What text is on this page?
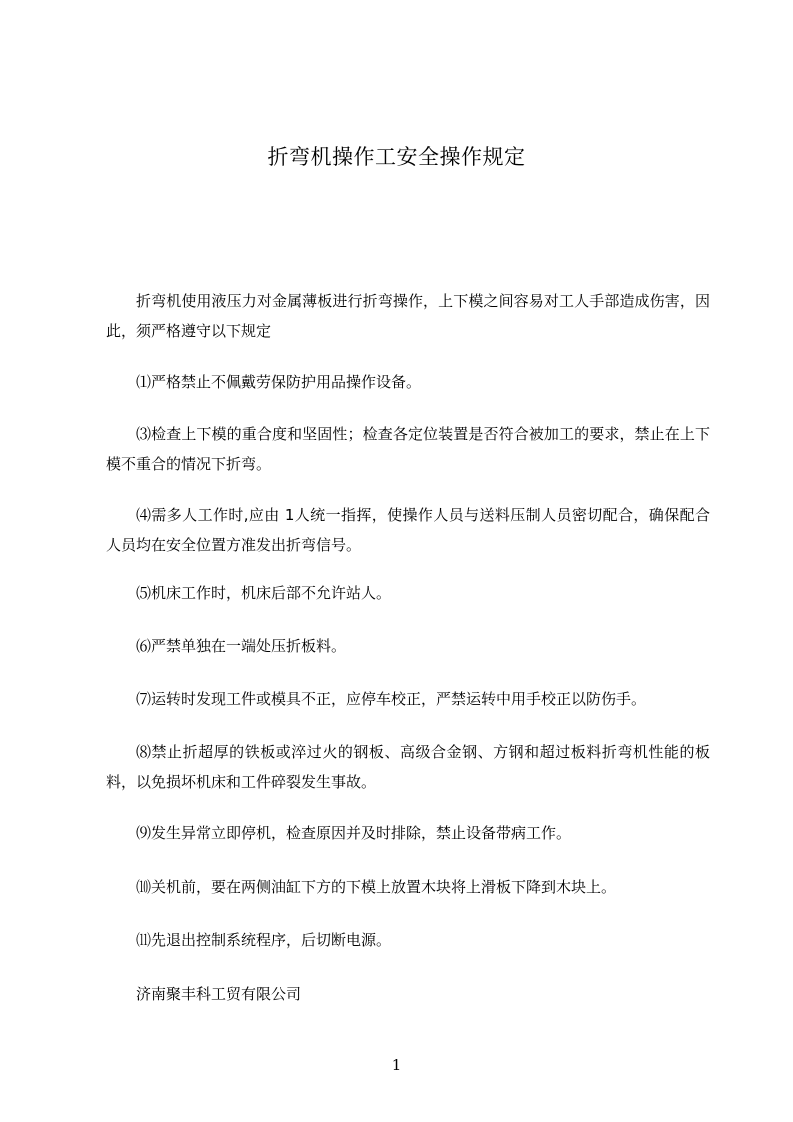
折弯机操作工安全操作规定
折弯机使用液压力对金属薄板进行折弯操作，上下模之间容易对工人手部造成伤害，因此，须严格遵守以下规定
⑴严格禁止不佩戴劳保防护用品操作设备。
⑶检查上下模的重合度和坚固性；检查各定位装置是否符合被加工的要求，禁止在上下模不重合的情况下折弯。
⑷需多人工作时,应由 1人统一指挥，使操作人员与送料压制人员密切配合，确保配合人员均在安全位置方准发出折弯信号。
⑸机床工作时，机床后部不允许站人。
⑹严禁单独在一端处压折板料。
⑺运转时发现工件或模具不正，应停车校正，严禁运转中用手校正以防伤手。
⑻禁止折超厚的铁板或淬过火的钢板、高级合金钢、方钢和超过板料折弯机性能的板料，以免损坏机床和工件碎裂发生事故。
⑼发生异常立即停机，检查原因并及时排除，禁止设备带病工作。
⑽关机前，要在两侧油缸下方的下模上放置木块将上滑板下降到木块上。
⑾先退出控制系统程序，后切断电源。
济南聚丰科工贸有限公司
1
